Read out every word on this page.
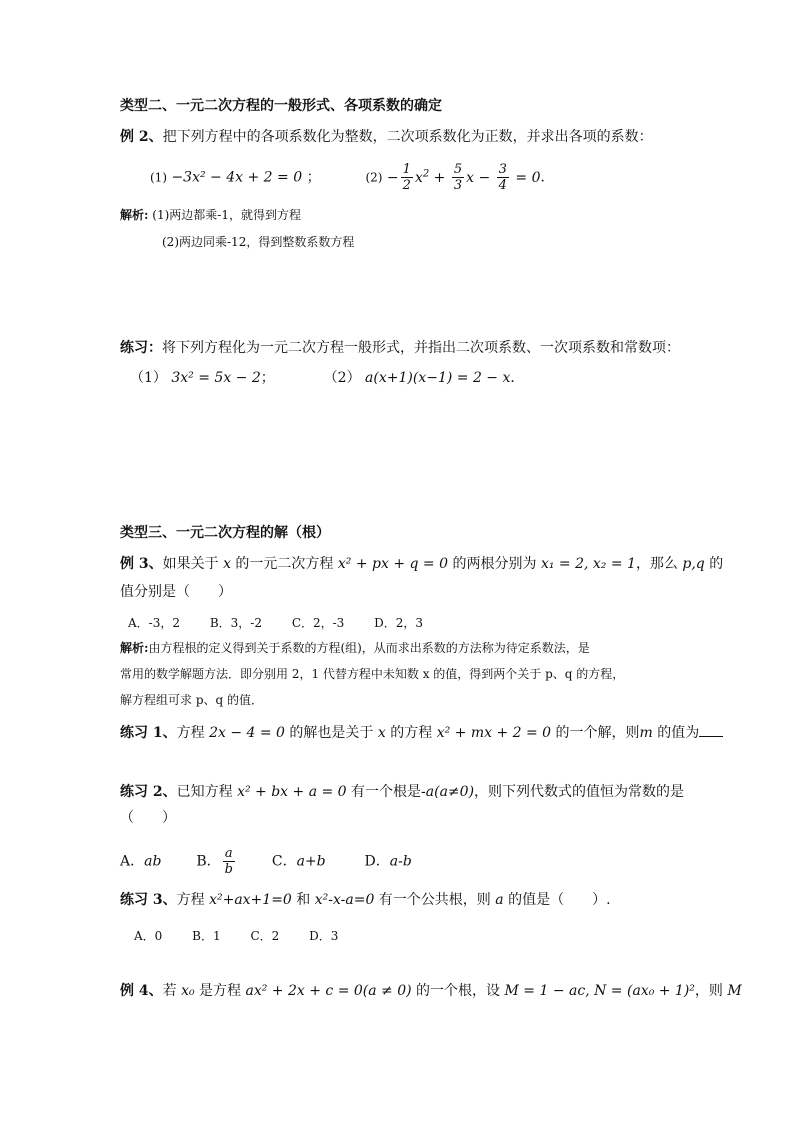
类型二、一元二次方程的一般形式、各项系数的确定
例 2、把下列方程中的各项系数化为整数，二次项系数化为正数，并求出各项的系数：
(1) −3x² − 4x + 2 = 0 ；	$(2) - \frac{1}{2} x^2 + \frac{5}{3}$ $x - \frac{3}{4} = 0$．
解析: (1)两边都乘-1，就得到方程
(2)两边同乘-12，得到整数系数方程
练习：将下列方程化为一元二次方程一般形式，并指出二次项系数、一次项系数和常数项：
（1） 3x² = 5x − 2；	（2） a(x+1)(x−1) = 2 − x．
类型三、一元二次方程的解（根）
例 3、如果关于 x 的一元二次方程 x² + px + q = 0 的两根分别为 x₁ = 2, x₂ = 1，那么 p,q 的
值分别是（　　）
A．-3，2 B．3，-2 C．2，-3 D．2，3
解析:由方程根的定义得到关于系数的方程(组)，从而求出系数的方法称为待定系数法，是
常用的数学解题方法．即分别用 2，1 代替方程中未知数 x 的值，得到两个关于 p、q 的方程，
解方程组可求 p、q 的值．
练习 1、方程 2x − 4 = 0 的解也是关于 x 的方程 x² + mx + 2 = 0 的一个解，则m 的值为
练习 2、已知方程 x² + bx + a = 0 有一个根是-a(a≠0)，则下列代数式的值恒为常数的是
（　　）
A．ab B． $\frac{a}{b}$	C．a+b	D．a-b
练习 3、方程 x²+ax+1=0 和 x²-x-a=0 有一个公共根，则 a 的值是（　　）.
A．0 B．1 C．2 D．3
例 4、若 x₀ 是方程 ax² + 2x + c = 0(a ≠ 0) 的一个根，设 M = 1 − ac, N = (ax₀ + 1)²，则 M
